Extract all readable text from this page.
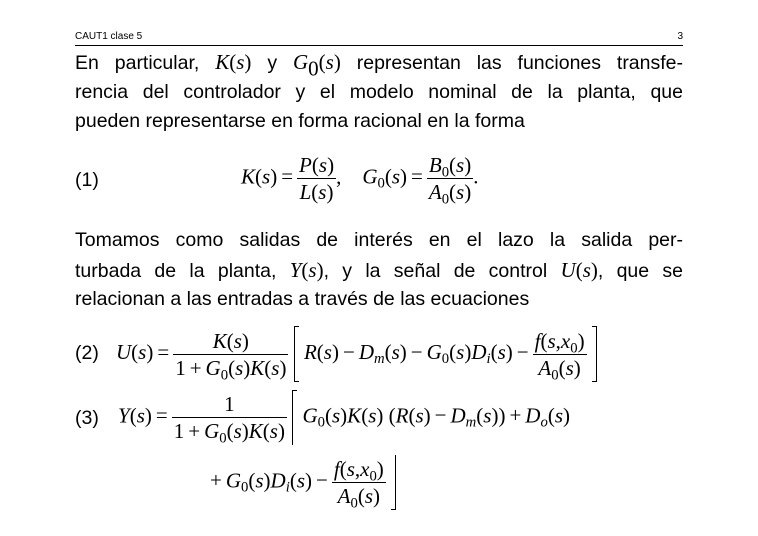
CAUT1 clase 5	3
En particular, K(s) y $G_0(s)$ representan las funciones transfe-
rencia del controlador y el modelo nominal de la planta, que
pueden representarse en forma racional en la forma
(1)	$K(s) = \frac{P(s)}{L(s)}$ ,    $G_0(s) = \frac{B_0(s)}{A_0(s)}$ .
Tomamos como salidas de interés en el lazo la salida per-
turbada de la planta, Y(s), y la señal de control U(s), que se
relacionan a las entradas a través de las ecuaciones
(2) $U(s) = \frac{K(s)}{1 + G_0(s)K(s)} R(s) - D_m(s) - G_0(s)D_i(s) - \frac{f(s,x_0)}{A_0(s)}$

(3) $Y(s) = \frac{1}{1 + G_0(s)K(s)} G_0(s)K(s) (R(s) - D_m(s)) + D_o(s)$
+ $G_0(s)D_i(s) - \frac{f(s,x_0)}{A_0(s)}$
